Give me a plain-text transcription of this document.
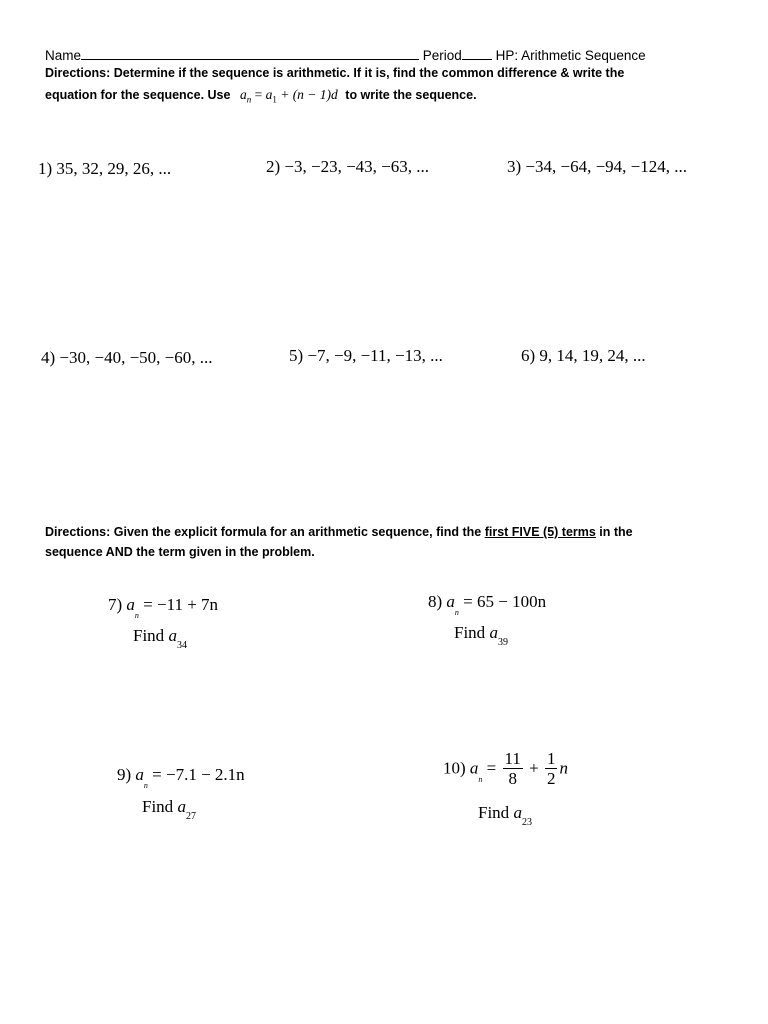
Name	Period	HP: Arithmetic Sequence
Directions: Determine if the sequence is arithmetic. If it is, find the common difference & write the
equation for the sequence. Use $a_n = a_1 + (n - 1)d$ to write the sequence.
1) 35, 32, 29, 26, ...	2) −3, −23, −43, −63, ...	3) −34, −64, −94, −124, ...
4) −30, −40, −50, −60, ...	5) −7, −9, −11, −13, ...	6) 9, 14, 19, 24, ...
Directions: Given the explicit formula for an arithmetic sequence, find the first FIVE (5) terms in the
sequence AND the term given in the problem.
7) $a_n = -11 + 7n$
Find $a_{34}$
8) $a_n = 65 - 100n$
Find $a_{39}$
9) $a_n = -7.1 - 2.1n$
Find $a_{27}$
10) $a_n = \frac{11}{8} + \frac{1}{2}$ n
Find $a_{23}$
